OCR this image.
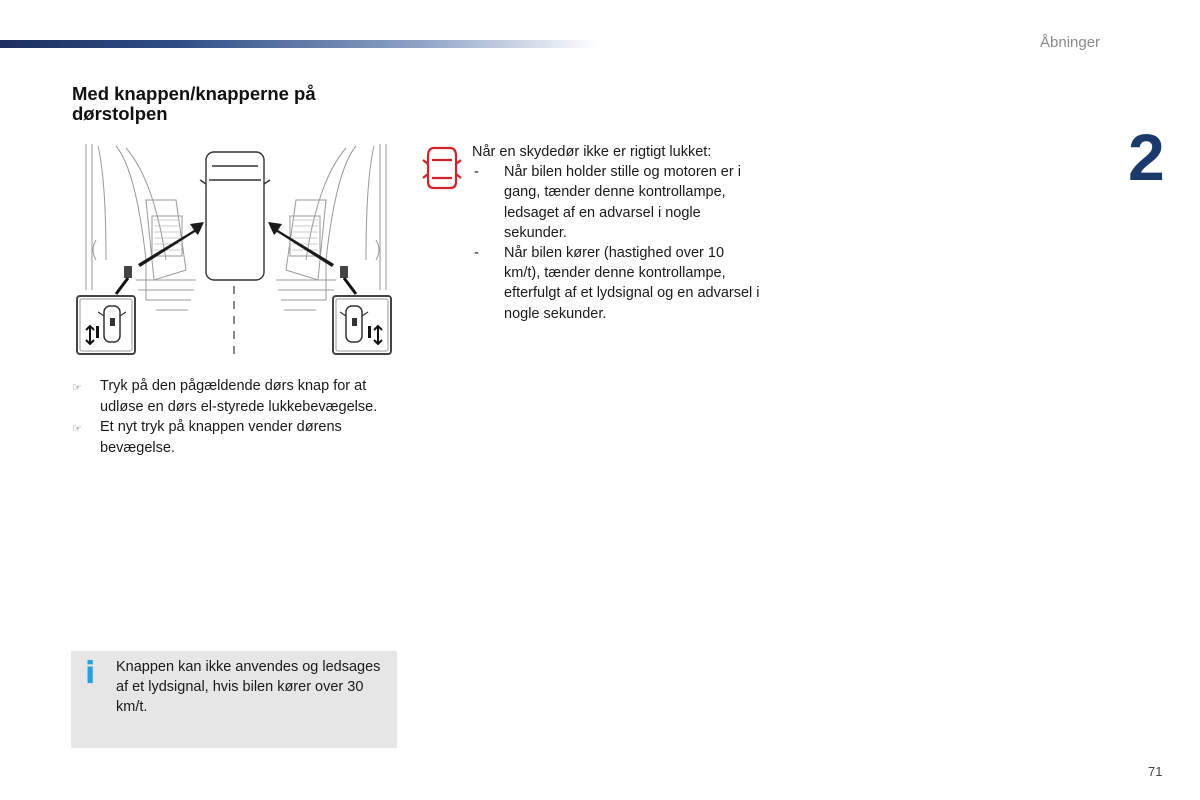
Åbninger
2
Med knappen/knapperne på dørstolpen
☞	Tryk på den pågældende dørs knap for at udløse en dørs el-styrede lukkebevægelse.
☞	Et nyt tryk på knappen vender dørens bevægelse.
Når en skydedør ikke er rigtigt lukket:
-	Når bilen holder stille og motoren er i gang, tænder denne kontrollampe, ledsaget af en advarsel i nogle sekunder.
-	Når bilen kører (hastighed over 10 km/t), tænder denne kontrollampe, efterfulgt af et lydsignal og en advarsel i nogle sekunder.
i Knappen kan ikke anvendes og ledsages af et lydsignal, hvis bilen kører over 30 km/t.
71
